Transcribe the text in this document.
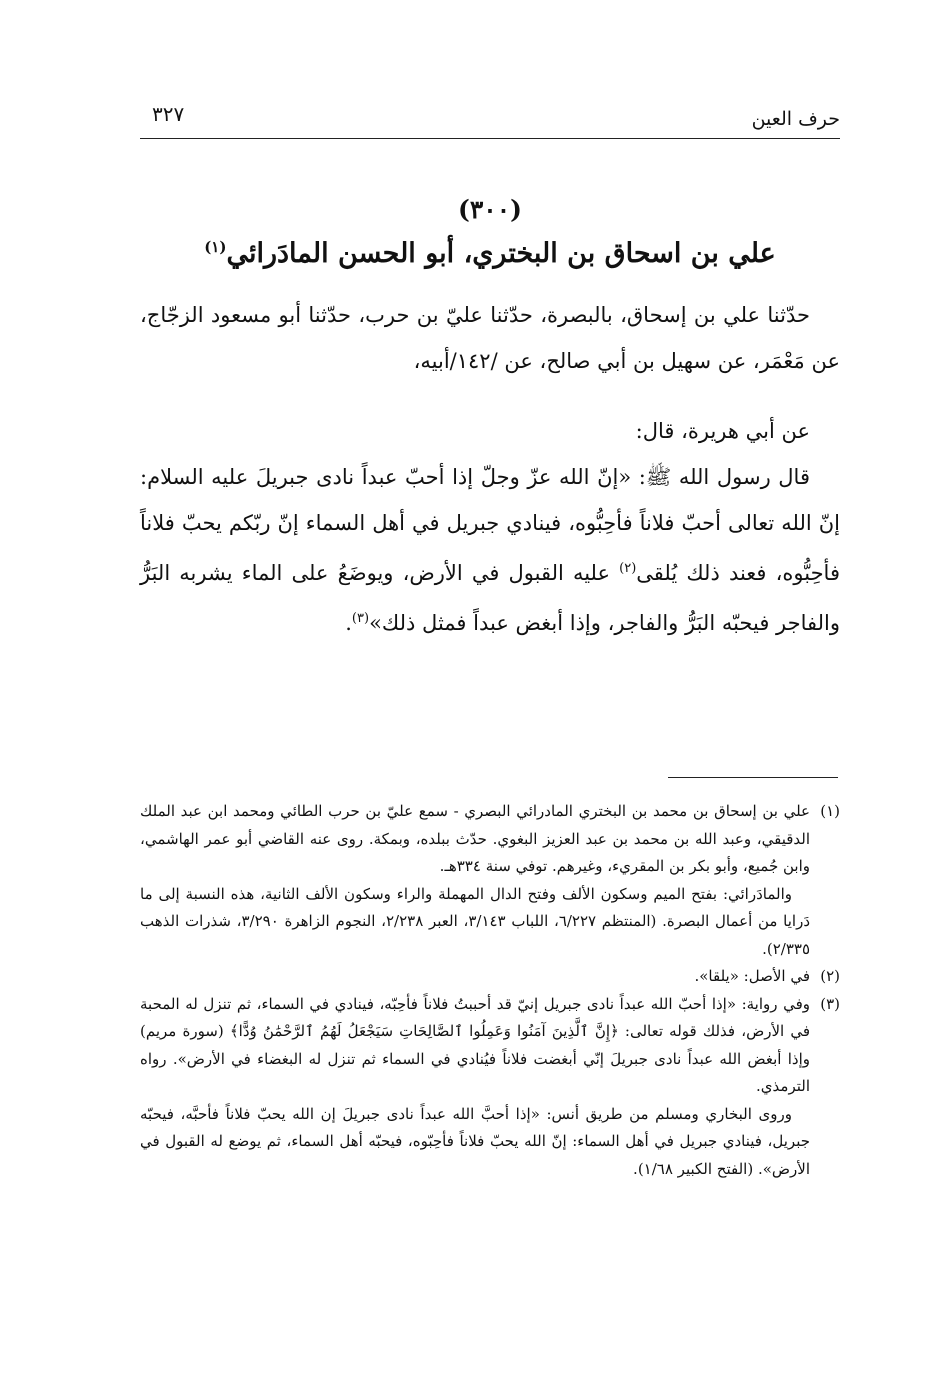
حرف العين
٣٢٧
(٣٠٠)
علي بن اسحاق بن البختري، أبو الحسن المادَرائي$^{(١)}$

حدّثنا علي بن إسحاق، بالبصرة، حدّثنا عليّ بن حرب، حدّثنا أبو مسعود الزجّاج، عن مَعْمَر، عن سهيل بن أبي صالح، عن /١٤٢/أبيه،

عن أبي هريرة، قال:

قال رسول الله ﷺ: «إنّ الله عزّ وجلّ إذا أحبّ عبداً نادى جبريلَ عليه السلام: إنّ الله تعالى أحبّ فلاناً فأحِبُّوه، فينادي جبريل في أهل السماء إنّ ربّكم يحبّ فلاناً فأحِبُّوه، فعند ذلك يُلقى$^{(٢)}$ عليه القبول في الأرض، ويوضَعُ على الماء يشربه البَرُّ والفاجر فيحبّه البَرُّ والفاجر، وإذا أبغض عبداً فمثل ذلك»$^{(٣)}$.

(١)علي بن إسحاق بن محمد بن البختري المادرائي البصري - سمع عليّ بن حرب الطائي ومحمد ابن عبد الملك الدقيقي، وعبد الله بن محمد بن عبد العزيز البغوي. حدّث ببلده، وبمكة. روى عنه القاضي أبو عمر الهاشمي، وابن جُميع، وأبو بكر بن المقريء، وغيرهم. توفي سنة ٣٣٤هـ.

والمادَرائي: بفتح الميم وسكون الألف وفتح الدال المهملة والراء وسكون الألف الثانية، هذه النسبة إلى ما دَرايا من أعمال البصرة. (المنتظم ٦/٢٢٧، اللباب ٣/١٤٣، العبر ٢/٢٣٨، النجوم الزاهرة ٣/٢٩٠، شذرات الذهب ٢/٣٣٥).

(٢)في الأصل: «يلقا».

(٣)وفي رواية: «إذا أحبّ الله عبداً نادى جبريل إنيّ قد أحببتُ فلاناً فأحِبّه، فينادي في السماء، ثم تنزل له المحبة في الأرض، فذلك قوله تعالى: ﴿إِنَّ ٱلَّذِينَ آمَنُوا وَعَمِلُوا ٱلصَّالِحَاتِ سَيَجْعَلُ لَهُمُ ٱلرَّحْمَٰنُ وُدًّا﴾ (سورة مريم) وإذا أبغض الله عبداً نادى جبريلَ إنّي أبغضت فلاناً فيُنادي في السماء ثم تنزل له البغضاء في الأرض». رواه الترمذي.

وروى البخاري ومسلم من طريق أنس: «إذا أحبَّ الله عبداً نادى جبريلَ إن الله يحبّ فلاناً فأحبَّه، فيحبّه جبريل، فينادي جبريل في أهل السماء: إنّ الله يحبّ فلاناً فأحِبّوه، فيحبّه أهل السماء، ثم يوضع له القبول في الأرض». (الفتح الكبير ١/٦٨).
